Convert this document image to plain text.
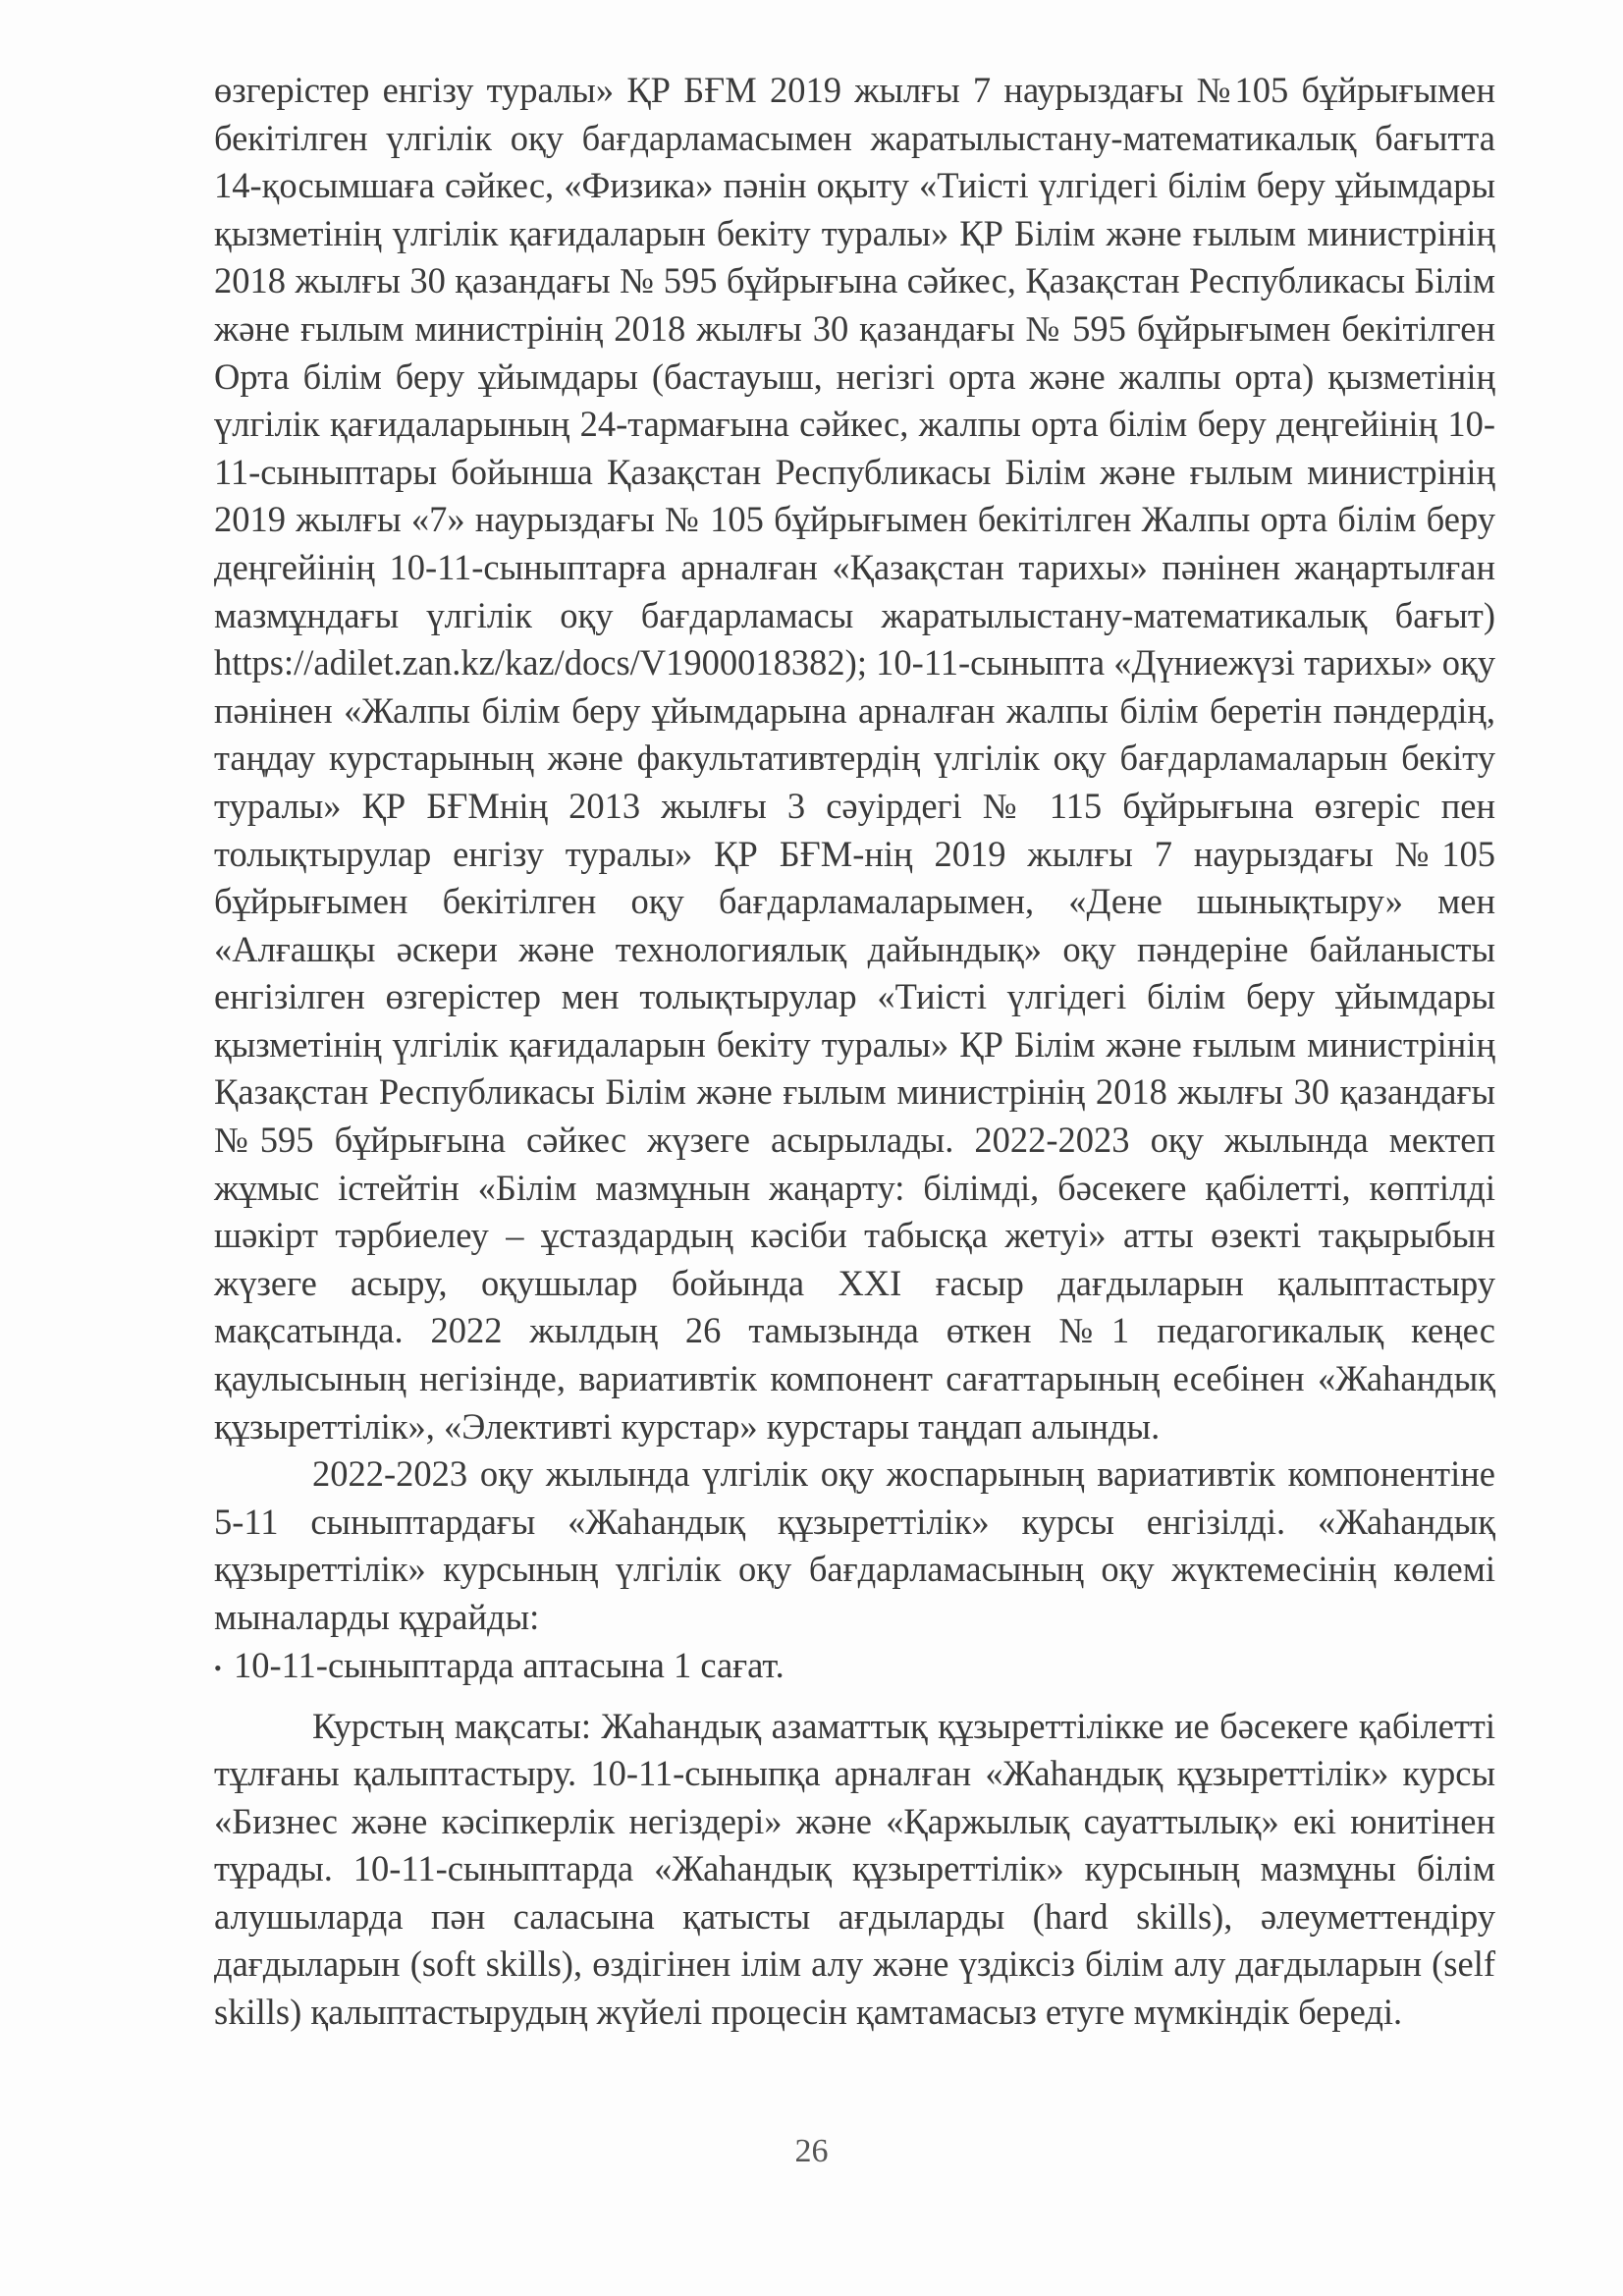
өзгерістер енгізу туралы» ҚР БҒМ 2019 жылғы 7 наурыздағы №105 бұйрығымен бекітілген үлгілік оқу бағдарламасымен жаратылыстану-математикалық бағытта 14-қосымшаға сәйкес, «Физика» пәнін оқыту «Тиісті үлгідегі білім беру ұйымдары қызметінің үлгілік қағидаларын бекіту туралы» ҚР Білім және ғылым министрінің 2018 жылғы 30 қазандағы № 595 бұйрығына сәйкес, Қазақстан Республикасы Білім және ғылым министрінің 2018 жылғы 30 қазандағы № 595 бұйрығымен бекітілген Орта білім беру ұйымдары (бастауыш, негізгі орта және жалпы орта) қызметінің үлгілік қағидаларының 24-тармағына сәйкес, жалпы орта білім беру деңгейінің 10-11-сыныптары бойынша Қазақстан Республикасы Білім және ғылым министрінің 2019 жылғы «7» наурыздағы № 105 бұйрығымен бекітілген Жалпы орта білім беру деңгейінің 10-11-сыныптарға арналған «Қазақстан тарихы» пәнінен жаңартылған мазмұндағы үлгілік оқу бағдарламасы жаратылыстану-математикалық бағыт) https://adilet.zan.kz/kaz/docs/V1900018382); 10-11-сыныпта «Дүниежүзі тарихы» оқу пәнінен «Жалпы білім беру ұйымдарына арналған жалпы білім беретін пәндердің, таңдау курстарының және факультативтердің үлгілік оқу бағдарламаларын бекіту туралы» ҚР БҒМнің 2013 жылғы 3 сәуірдегі № 115 бұйрығына өзгеріс пен толықтырулар енгізу туралы» ҚР БҒМ-нің 2019 жылғы 7 наурыздағы №105 бұйрығымен бекітілген оқу бағдарламаларымен, «Дене шынықтыру» мен «Алғашқы әскери және технологиялық дайындық» оқу пәндеріне байланысты енгізілген өзгерістер мен толықтырулар «Тиісті үлгідегі білім беру ұйымдары қызметінің үлгілік қағидаларын бекіту туралы» ҚР Білім және ғылым министрінің Қазақстан Республикасы Білім және ғылым министрінің 2018 жылғы 30 қазандағы №595 бұйрығына сәйкес жүзеге асырылады. 2022-2023 оқу жылында мектеп жұмыс істейтін «Білім мазмұнын жаңарту: білімді, бәсекеге қабілетті, көптілді шәкірт тәрбиелеу – ұстаздардың кәсіби табысқа жетуі» атты өзекті тақырыбын жүзеге асыру, оқушылар бойында XXI ғасыр дағдыларын қалыптастыру мақсатында. 2022 жылдың 26 тамызында өткен №1 педагогикалық кеңес қаулысының негізінде, вариативтік компонент сағаттарының есебінен «Жаһандық құзыреттілік», «Элективті курстар» курстары таңдап алынды.

2022-2023 оқу жылында үлгілік оқу жоспарының вариативтік компонентіне 5-11 сыныптардағы «Жаһандық құзыреттілік» курсы енгізілді. «Жаһандық құзыреттілік» курсының үлгілік оқу бағдарламасының оқу жүктемесінің көлемі мыналарды құрайды:

• 10-11-сыныптарда аптасына 1 сағат.

Курстың мақсаты: Жаһандық азаматтық құзыреттілікке ие бәсекеге қабілетті тұлғаны қалыптастыру. 10-11-сыныпқа арналған «Жаһандық құзыреттілік» курсы «Бизнес және кәсіпкерлік негіздері» және «Қаржылық сауаттылық» екі юнитінен тұрады. 10-11-сыныптарда «Жаһандық құзыреттілік» курсының мазмұны білім алушыларда пән саласына қатысты ағдыларды (hard skills), әлеуметтендіру дағдыларын (soft skills), өздігінен ілім алу және үздіксіз білім алу дағдыларын (self skills) қалыптастырудың жүйелі процесін қамтамасыз етуге мүмкіндік береді.

26
